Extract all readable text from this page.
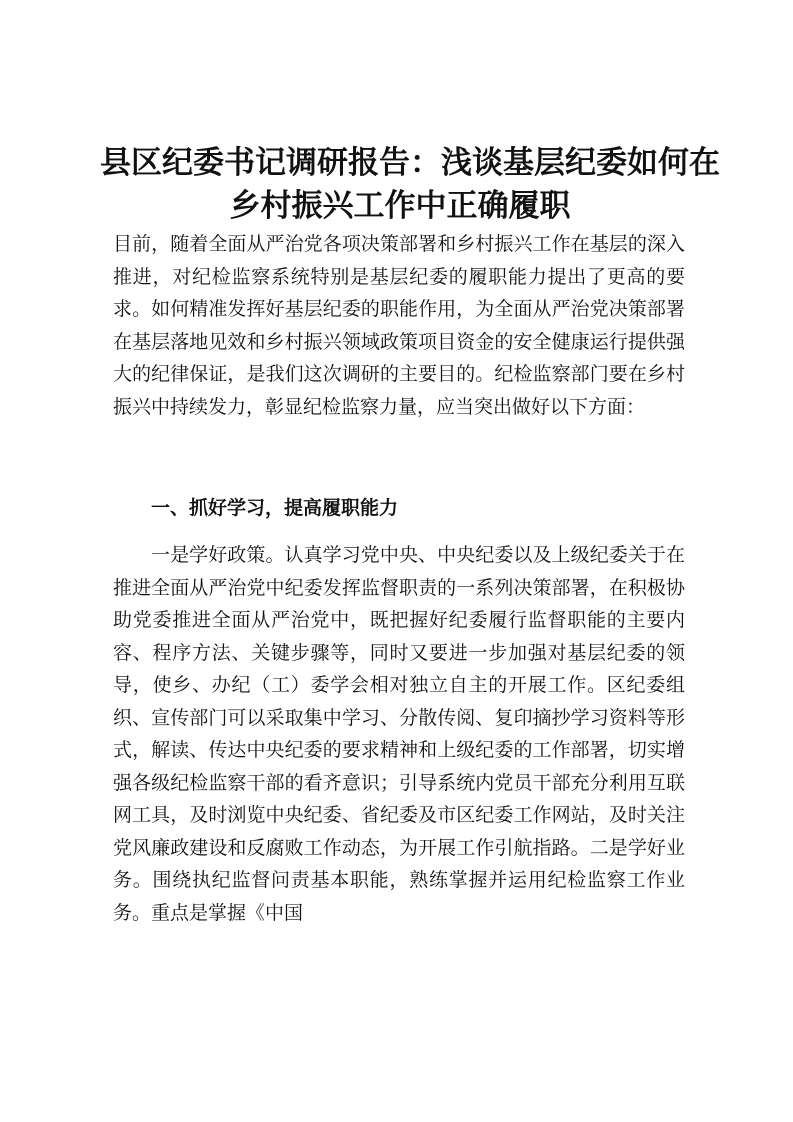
县区纪委书记调研报告：浅谈基层纪委如何在
乡村振兴工作中正确履职

目前，随着全面从严治党各项决策部署和乡村振兴工作在基层的深入推进，对纪检监察系统特别是基层纪委的履职能力提出了更高的要求。如何精准发挥好基层纪委的职能作用，为全面从严治党决策部署在基层落地见效和乡村振兴领域政策项目资金的安全健康运行提供强大的纪律保证，是我们这次调研的主要目的。纪检监察部门要在乡村振兴中持续发力，彰显纪检监察力量，应当突出做好以下方面：

一、抓好学习，提高履职能力

一是学好政策。认真学习党中央、中央纪委以及上级纪委关于在推进全面从严治党中纪委发挥监督职责的一系列决策部署，在积极协助党委推进全面从严治党中，既把握好纪委履行监督职能的主要内容、程序方法、关键步骤等，同时又要进一步加强对基层纪委的领导，使乡、办纪（工）委学会相对独立自主的开展工作。区纪委组织、宣传部门可以采取集中学习、分散传阅、复印摘抄学习资料等形式，解读、传达中央纪委的要求精神和上级纪委的工作部署，切实增强各级纪检监察干部的看齐意识；引导系统内党员干部充分利用互联网工具，及时浏览中央纪委、省纪委及市区纪委工作网站，及时关注党风廉政建设和反腐败工作动态，为开展工作引航指路。二是学好业务。围绕执纪监督问责基本职能，熟练掌握并运用纪检监察工作业务。重点是掌握《中国
